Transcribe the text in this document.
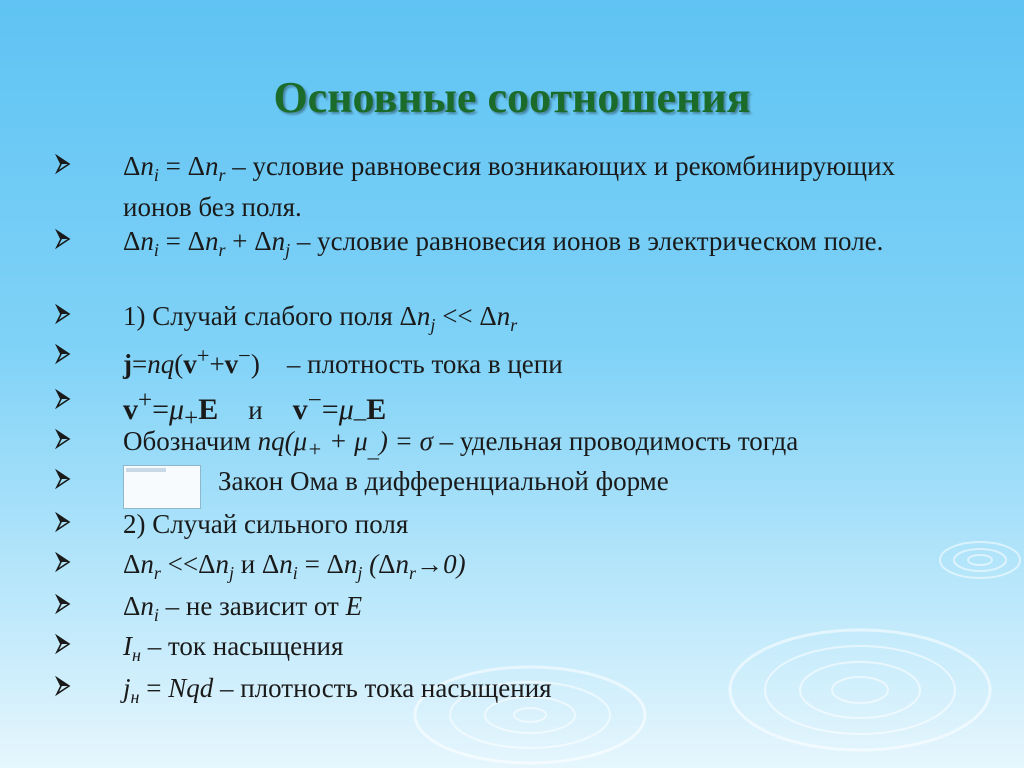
Основные соотношения
$\Delta n_i = \Delta n_r$ – условие равновесия возникающих и рекомбинирующих ионов без поля.
$\Delta n_i = \Delta n_r + \Delta n_j$ – условие равновесия ионов в электрическом поле.
1) Случай слабого поля $\Delta n_j << \Delta n_r$
j=nq(v++v−)    – плотность тока в цепи
$v^+=\mu_+E$ и $v^-=\mu_-E$
Обозначим $nq(\mu_+ + \mu_{\_}) = \sigma$ – удельная проводимость тогда
Закон Ома в дифференциальной форме
2) Случай сильного поля
$\Delta n_r <<\Delta n_j$ и $\Delta n_i = \Delta n_j$ $(\Delta n_r\to 0)$
$\Delta n_i$ – не зависит от E
$I_н$ – ток насыщения
$j_н$ = Nqd – плотность тока насыщения
